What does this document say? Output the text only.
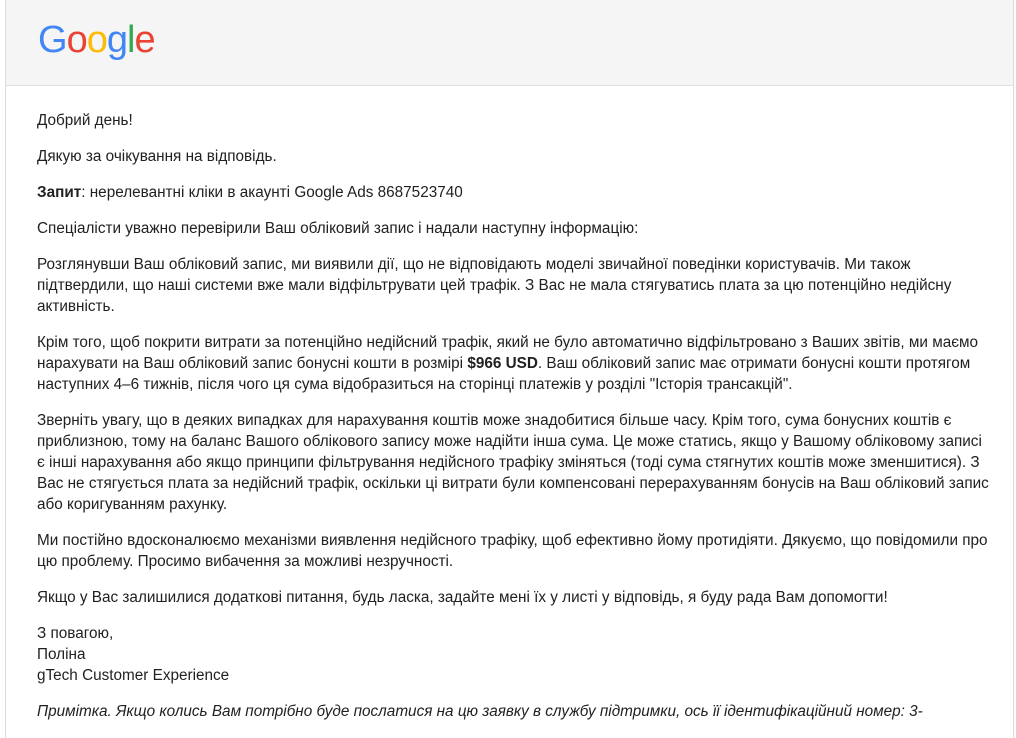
Google

Добрий день!

Дякую за очікування на відповідь.

Запит: нерелевантні кліки в акаунті Google Ads 8687523740

Спеціалісти уважно перевірили Ваш обліковий запис і надали наступну інформацію:

Розглянувши Ваш обліковий запис, ми виявили дії, що не відповідають моделі звичайної поведінки користувачів. Ми також підтвердили, що наші системи вже мали відфільтрувати цей трафік. З Вас не мала стягуватись плата за цю потенційно недійсну активність.

Крім того, щоб покрити витрати за потенційно недійсний трафік, який не було автоматично відфільтровано з Ваших звітів, ми маємо нарахувати на Ваш обліковий запис бонусні кошти в розмірі $966 USD. Ваш обліковий запис має отримати бонусні кошти протягом наступних 4–6 тижнів, після чого ця сума відобразиться на сторінці платежів у розділі "Історія трансакцій".

Зверніть увагу, що в деяких випадках для нарахування коштів може знадобитися більше часу. Крім того, сума бонусних коштів є приблизною, тому на баланс Вашого облікового запису може надійти інша сума. Це може статись, якщо у Вашому обліковому записі є інші нарахування або якщо принципи фільтрування недійсного трафіку зміняться (тоді сума стягнутих коштів може зменшитися). З Вас не стягується плата за недійсний трафік, оскільки ці витрати були компенсовані перерахуванням бонусів на Ваш обліковий запис або коригуванням рахунку.

Ми постійно вдосконалюємо механізми виявлення недійсного трафіку, щоб ефективно йому протидіяти. Дякуємо, що повідомили про цю проблему. Просимо вибачення за можливі незручності.

Якщо у Вас залишилися додаткові питання, будь ласка, задайте мені їх у листі у відповідь, я буду рада Вам допомогти!

З повагою,
Поліна
gTech Customer Experience

Примітка. Якщо колись Вам потрібно буде послатися на цю заявку в службу підтримки, ось її ідентифікаційний номер: 3-
